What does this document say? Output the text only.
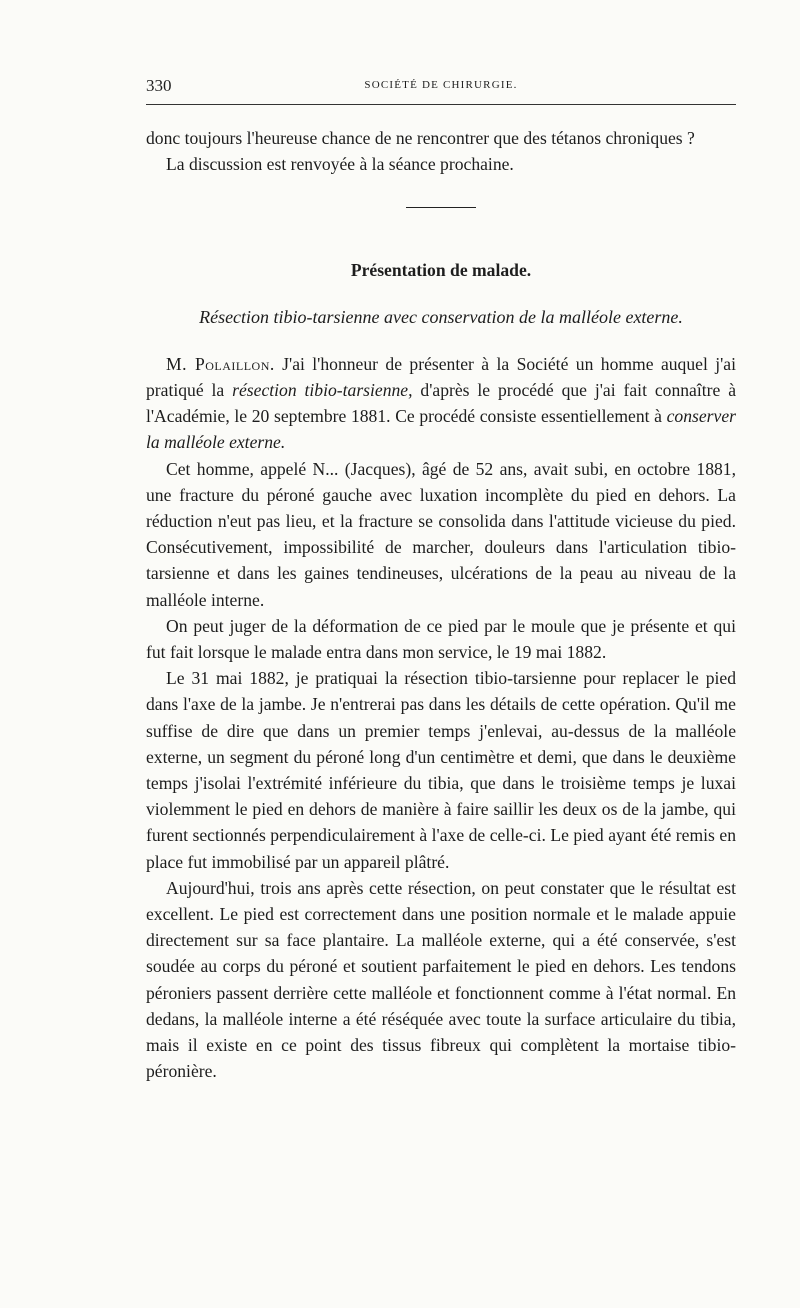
330	SOCIÉTÉ DE CHIRURGIE.

donc toujours l'heureuse chance de ne rencontrer que des tétanos chroniques ?

La discussion est renvoyée à la séance prochaine.

Présentation de malade.
Résection tibio-tarsienne avec conservation de la malléole externe.

M. Polaillon. J'ai l'honneur de présenter à la Société un homme auquel j'ai pratiqué la résection tibio-tarsienne, d'après le procédé que j'ai fait connaître à l'Académie, le 20 septembre 1881. Ce procédé consiste essentiellement à conserver la malléole externe.

Cet homme, appelé N... (Jacques), âgé de 52 ans, avait subi, en octobre 1881, une fracture du péroné gauche avec luxation incomplète du pied en dehors. La réduction n'eut pas lieu, et la fracture se consolida dans l'attitude vicieuse du pied. Consécutivement, impossibilité de marcher, douleurs dans l'articulation tibio-tarsienne et dans les gaines tendineuses, ulcérations de la peau au niveau de la malléole interne.

On peut juger de la déformation de ce pied par le moule que je présente et qui fut fait lorsque le malade entra dans mon service, le 19 mai 1882.

Le 31 mai 1882, je pratiquai la résection tibio-tarsienne pour replacer le pied dans l'axe de la jambe. Je n'entrerai pas dans les détails de cette opération. Qu'il me suffise de dire que dans un premier temps j'enlevai, au-dessus de la malléole externe, un segment du péroné long d'un centimètre et demi, que dans le deuxième temps j'isolai l'extrémité inférieure du tibia, que dans le troisième temps je luxai violemment le pied en dehors de manière à faire saillir les deux os de la jambe, qui furent sectionnés perpendiculairement à l'axe de celle-ci. Le pied ayant été remis en place fut immobilisé par un appareil plâtré.

Aujourd'hui, trois ans après cette résection, on peut constater que le résultat est excellent. Le pied est correctement dans une position normale et le malade appuie directement sur sa face plantaire. La malléole externe, qui a été conservée, s'est soudée au corps du péroné et soutient parfaitement le pied en dehors. Les tendons péroniers passent derrière cette malléole et fonctionnent comme à l'état normal. En dedans, la malléole interne a été réséquée avec toute la surface articulaire du tibia, mais il existe en ce point des tissus fibreux qui complètent la mortaise tibio-péronière.
